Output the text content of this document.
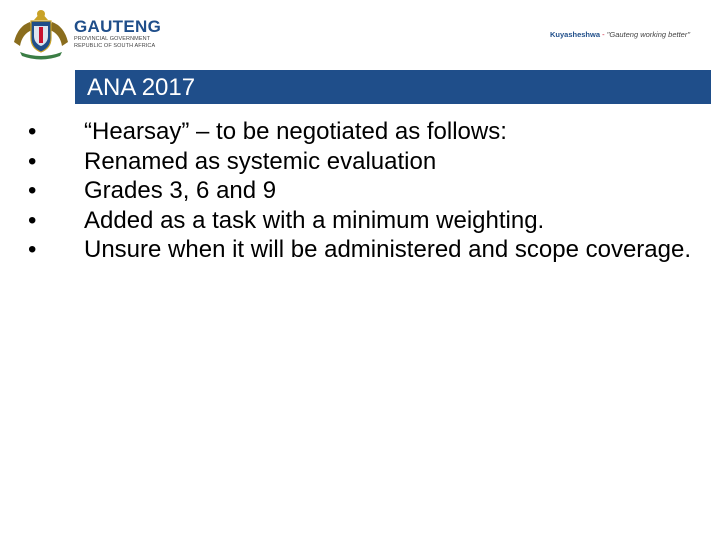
GAUTENG
PROVINCIAL GOVERNMENT
REPUBLIC OF SOUTH AFRICA
Kuyasheshwa - "Gauteng working better"
ANA 2017
• “Hearsay” – to be negotiated as follows:
• Renamed as systemic evaluation
• Grades 3, 6 and 9
• Added as a task with a minimum weighting.
• Unsure when it will be administered and scope coverage.
